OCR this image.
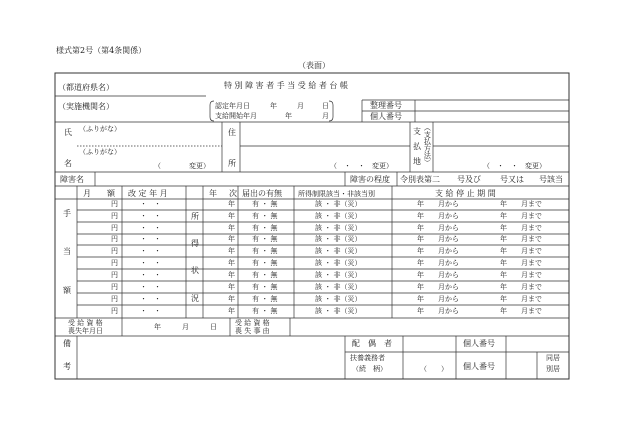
様式第2号（第4条関係）
（表面）
（都道府県名）
（実施機関名）
特 別 障 害 者 手 当 受 給 者 台 帳
認定年月日	年	月	日
支給開始年月	年	月
整理番号
個人番号
氏
名
（ふりがな）
（ふりがな）
（　　　　変更）
住
所	（　・　・　変更）
支
払
地 （支払方法）	（　・　・　変更）
障害名	障害の程度 令別表第二 号及び 号又は 号該当
月 額 改 定 年 月	年 次 届出の有無 所得制限該当・非該当別	支 給 停 止 期 間
手
当
額
所
得
状
況
円	・　・	年 有 ・ 無	該 ・ 非（災）	年　　月から	年　　月まで
円	・　・	年 有 ・ 無	該 ・ 非（災）	年　　月から	年　　月まで
円	・　・	年 有 ・ 無	該 ・ 非（災）	年　　月から	年　　月まで
円	・　・	年 有 ・ 無	該 ・ 非（災）	年　　月から	年　　月まで
円	・　・	年 有 ・ 無	該 ・ 非（災）	年　　月から	年　　月まで
円	・　・	年 有 ・ 無	該 ・ 非（災）	年　　月から	年　　月まで
円	・　・	年 有 ・ 無	該 ・ 非（災）	年　　月から	年　　月まで
円	・　・	年 有 ・ 無	該 ・ 非（災）	年　　月から	年　　月まで
円	・　・	年 有 ・ 無	該 ・ 非（災）	年　　月から	年　　月まで
円	・　・	年 有 ・ 無	該 ・ 非（災）	年　　月から	年　　月まで
受 給 資 格
喪失年月日	年　　　月　　　日	受 給 資 格
喪 失 事 由
備
考
配　偶　者	個人番号
扶養義務者
（続　柄）	（　　） 個人番号
同居
別居
